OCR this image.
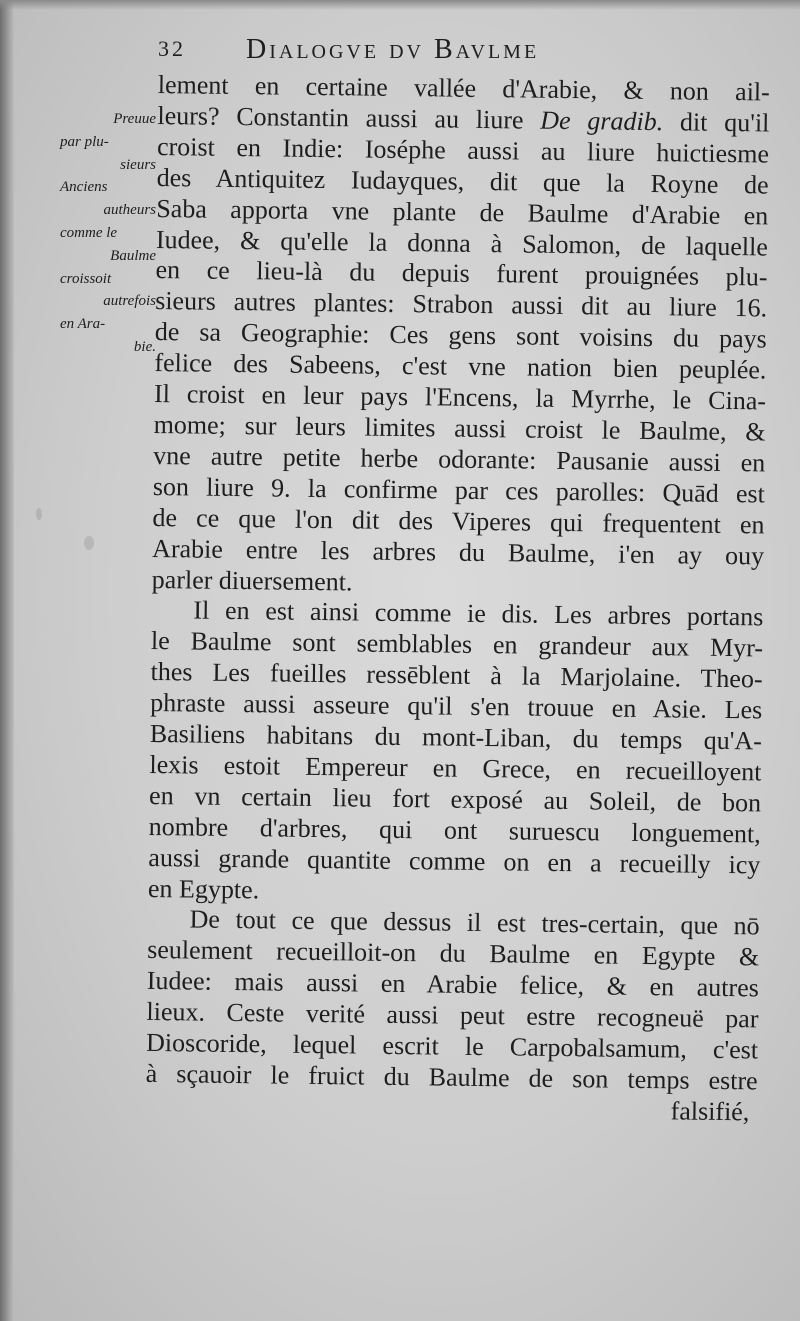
32 Dialogve dv Bavlme
Preuue
par plu-
sieurs
Anciens
autheurs
comme le
Baulme
croissoit
autrefois
en Ara-
bie.
lement en certaine vallée d'Arabie, & non ail-
leurs? Constantin aussi au liure De gradib. dit qu'il
croist en Indie: Ioséphe aussi au liure huictiesme
des Antiquitez Iudayques, dit que la Royne de
Saba apporta vne plante de Baulme d'Arabie en
Iudee, & qu'elle la donna à Salomon, de laquelle
en ce lieu-là du depuis furent prouignées plu-
sieurs autres plantes: Strabon aussi dit au liure 16.
de sa Geographie: Ces gens sont voisins du pays
felice des Sabeens, c'est vne nation bien peuplée.
Il croist en leur pays l'Encens, la Myrrhe, le Cina-
mome; sur leurs limites aussi croist le Baulme, &
vne autre petite herbe odorante: Pausanie aussi en
son liure 9. la confirme par ces parolles: Quād est
de ce que l'on dit des Viperes qui frequentent en
Arabie entre les arbres du Baulme, i'en ay ouy
parler diuersement.
Il en est ainsi comme ie dis. Les arbres portans
le Baulme sont semblables en grandeur aux Myr-
thes Les fueilles ressēblent à la Marjolaine. Theo-
phraste aussi asseure qu'il s'en trouue en Asie. Les
Basiliens habitans du mont-Liban, du temps qu'A-
lexis estoit Empereur en Grece, en recueilloyent
en vn certain lieu fort exposé au Soleil, de bon
nombre d'arbres, qui ont suruescu longuement,
aussi grande quantite comme on en a recueilly icy
en Egypte.
De tout ce que dessus il est tres-certain, que nō
seulement recueilloit-on du Baulme en Egypte &
Iudee: mais aussi en Arabie felice, & en autres
lieux. Ceste verité aussi peut estre recogneuë par
Dioscoride, lequel escrit le Carpobalsamum, c'est
à sçauoir le fruict du Baulme de son temps estre
falsifié,
